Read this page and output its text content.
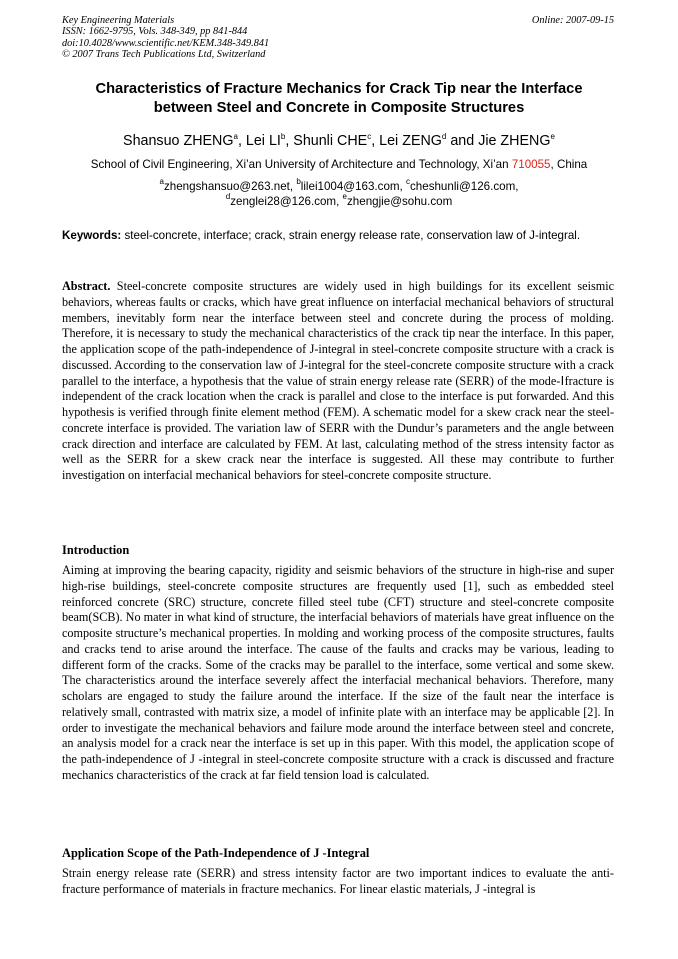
Key Engineering Materials
ISSN: 1662-9795, Vols. 348-349, pp 841-844
doi:10.4028/www.scientific.net/KEM.348-349.841
© 2007 Trans Tech Publications Ltd, Switzerland
Online: 2007-09-15
Characteristics of Fracture Mechanics for Crack Tip near the Interface
between Steel and Concrete in Composite Structures
Shansuo ZHENG$^a$, Lei $LI^b$, Shunli CHE$^c$, Lei ZENG$^d$ and Jie ZHENG$^e$
School of Civil Engineering, Xi’an University of Architecture and Technology, Xi’an 710055, China
$^a$zhengshansuo@263.net, $^b$lilei1004@163.com, $^c$cheshunli@126.com,
$^d$zenglei28@126.com, $^e$zhengjie@sohu.com
Keywords: steel-concrete, interface; crack, strain energy release rate, conservation law of J-integral.
Abstract. Steel-concrete composite structures are widely used in high buildings for its excellent seismic behaviors, whereas faults or cracks, which have great influence on interfacial mechanical behaviors of structural members, inevitably form near the interface between steel and concrete during the process of molding. Therefore, it is necessary to study the mechanical characteristics of the crack tip near the interface. In this paper, the application scope of the path-independence of J-integral in steel-concrete composite structure with a crack is discussed. According to the conservation law of J-integral for the steel-concrete composite structure with a crack parallel to the interface, a hypothesis that the value of strain energy release rate (SERR) of the mode-Ⅰfracture is independent of the crack location when the crack is parallel and close to the interface is put forwarded. And this hypothesis is verified through finite element method (FEM). A schematic model for a skew crack near the steel-concrete interface is provided. The variation law of SERR with the Dundur’s parameters and the angle between crack direction and interface are calculated by FEM. At last, calculating method of the stress intensity factor as well as the SERR for a skew crack near the interface is suggested. All these may contribute to further investigation on interfacial mechanical behaviors for steel-concrete composite structure.
Introduction
Aiming at improving the bearing capacity, rigidity and seismic behaviors of the structure in high-rise and super high-rise buildings, steel-concrete composite structures are frequently used [1], such as embedded steel reinforced concrete (SRC) structure, concrete filled steel tube (CFT) structure and steel-concrete composite beam(SCB). No mater in what kind of structure, the interfacial behaviors of materials have great influence on the composite structure’s mechanical properties. In molding and working process of the composite structures, faults and cracks tend to arise around the interface. The cause of the faults and cracks may be various, leading to different form of the cracks. Some of the cracks may be parallel to the interface, some vertical and some skew. The characteristics around the interface severely affect the interfacial mechanical behaviors. Therefore, many scholars are engaged to study the failure around the interface. If the size of the fault near the interface is relatively small, contrasted with matrix size, a model of infinite plate with an interface may be applicable [2]. In order to investigate the mechanical behaviors and failure mode around the interface between steel and concrete, an analysis model for a crack near the interface is set up in this paper. With this model, the application scope of the path-independence of J -integral in steel-concrete composite structure with a crack is discussed and fracture mechanics characteristics of the crack at far field tension load is calculated.
Application Scope of the Path-Independence of J -Integral
Strain energy release rate (SERR) and stress intensity factor are two important indices to evaluate the anti-fracture performance of materials in fracture mechanics. For linear elastic materials, J -integral is
